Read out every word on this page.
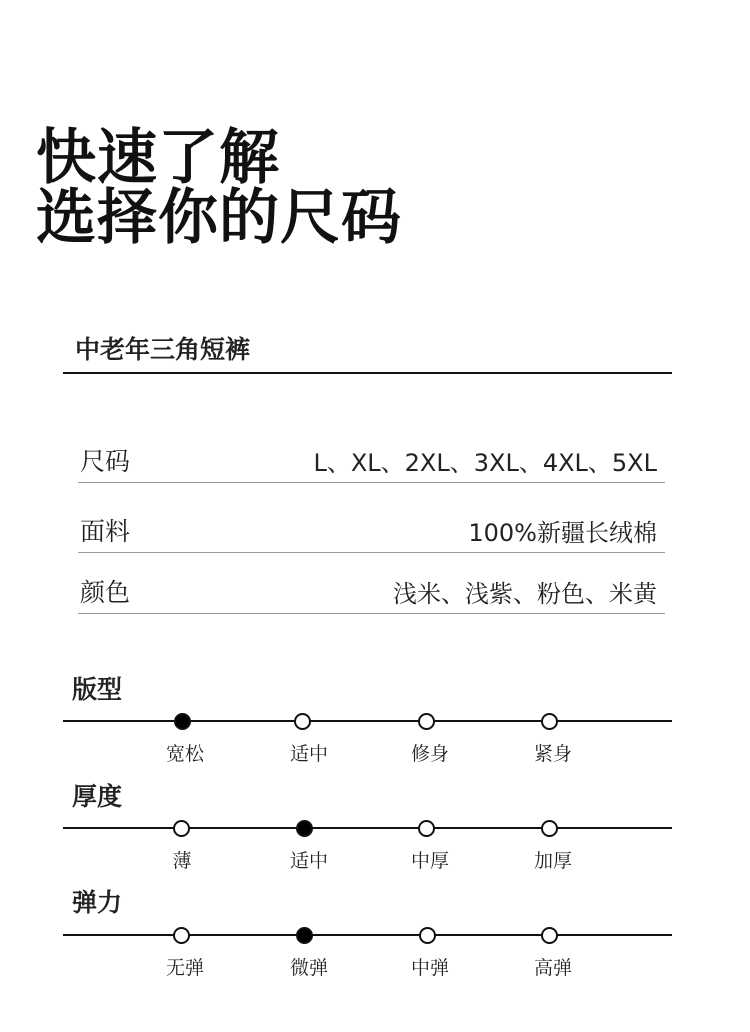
快速了解
选择你的尺码
中老年三角短裤
尺码	L、XL、2XL、3XL、4XL、5XL
面料	100%新疆长绒棉
颜色	浅米、浅紫、粉色、米黄
版型
宽松	适中	修身	紧身
厚度
薄	适中	中厚	加厚
弹力
无弹	微弹	中弹	高弹
